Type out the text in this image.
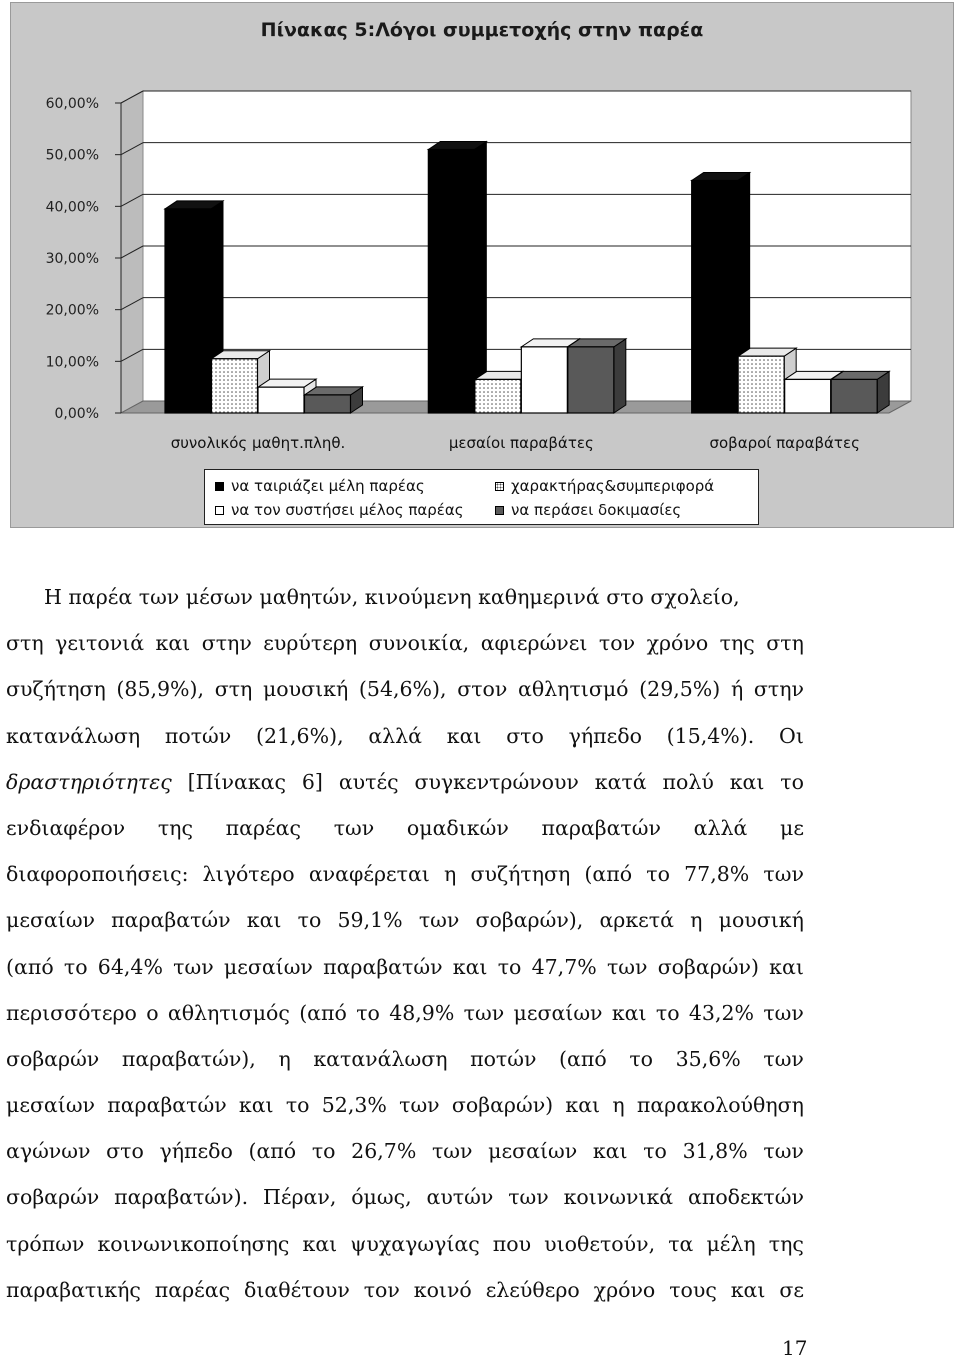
Πίνακας 5:Λόγοι συμμετοχής στην παρέα
0,00%
10,00%
20,00%
30,00%
40,00%
50,00%
60,00%
συνολικός μαθητ.πληθ.	μεσαίοι παραβάτες	σοβαροί παραβάτες
να ταιριάζει μέλη παρέας	χαρακτήρας&συμπεριφορά
να τον συστήσει μέλος παρέας	να περάσει δοκιμασίες
Η παρέα των μέσων μαθητών, κινούμενη καθημερινά στο σχολείο,
στη γειτονιά και στην ευρύτερη συνοικία, αφιερώνει τον χρόνο της στη
συζήτηση (85,9%), στη μουσική (54,6%), στον αθλητισμό (29,5%) ή στην
κατανάλωση ποτών (21,6%), αλλά και στο γήπεδο (15,4%). Οι
δραστηριότητες [Πίνακας 6] αυτές συγκεντρώνουν κατά πολύ και το
ενδιαφέρον της παρέας των ομαδικών παραβατών αλλά με
διαφοροποιήσεις: λιγότερο αναφέρεται η συζήτηση (από το 77,8% των
μεσαίων παραβατών και το 59,1% των σοβαρών), αρκετά η μουσική
(από το 64,4% των μεσαίων παραβατών και το 47,7% των σοβαρών) και
περισσότερο ο αθλητισμός (από το 48,9% των μεσαίων και το 43,2% των
σοβαρών παραβατών), η κατανάλωση ποτών (από το 35,6% των
μεσαίων παραβατών και το 52,3% των σοβαρών) και η παρακολούθηση
αγώνων στο γήπεδο (από το 26,7% των μεσαίων και το 31,8% των
σοβαρών παραβατών). Πέραν, όμως, αυτών των κοινωνικά αποδεκτών
τρόπων κοινωνικοποίησης και ψυχαγωγίας που υιοθετούν, τα μέλη της
παραβατικής παρέας διαθέτουν τον κοινό ελεύθερο χρόνο τους και σε
17
